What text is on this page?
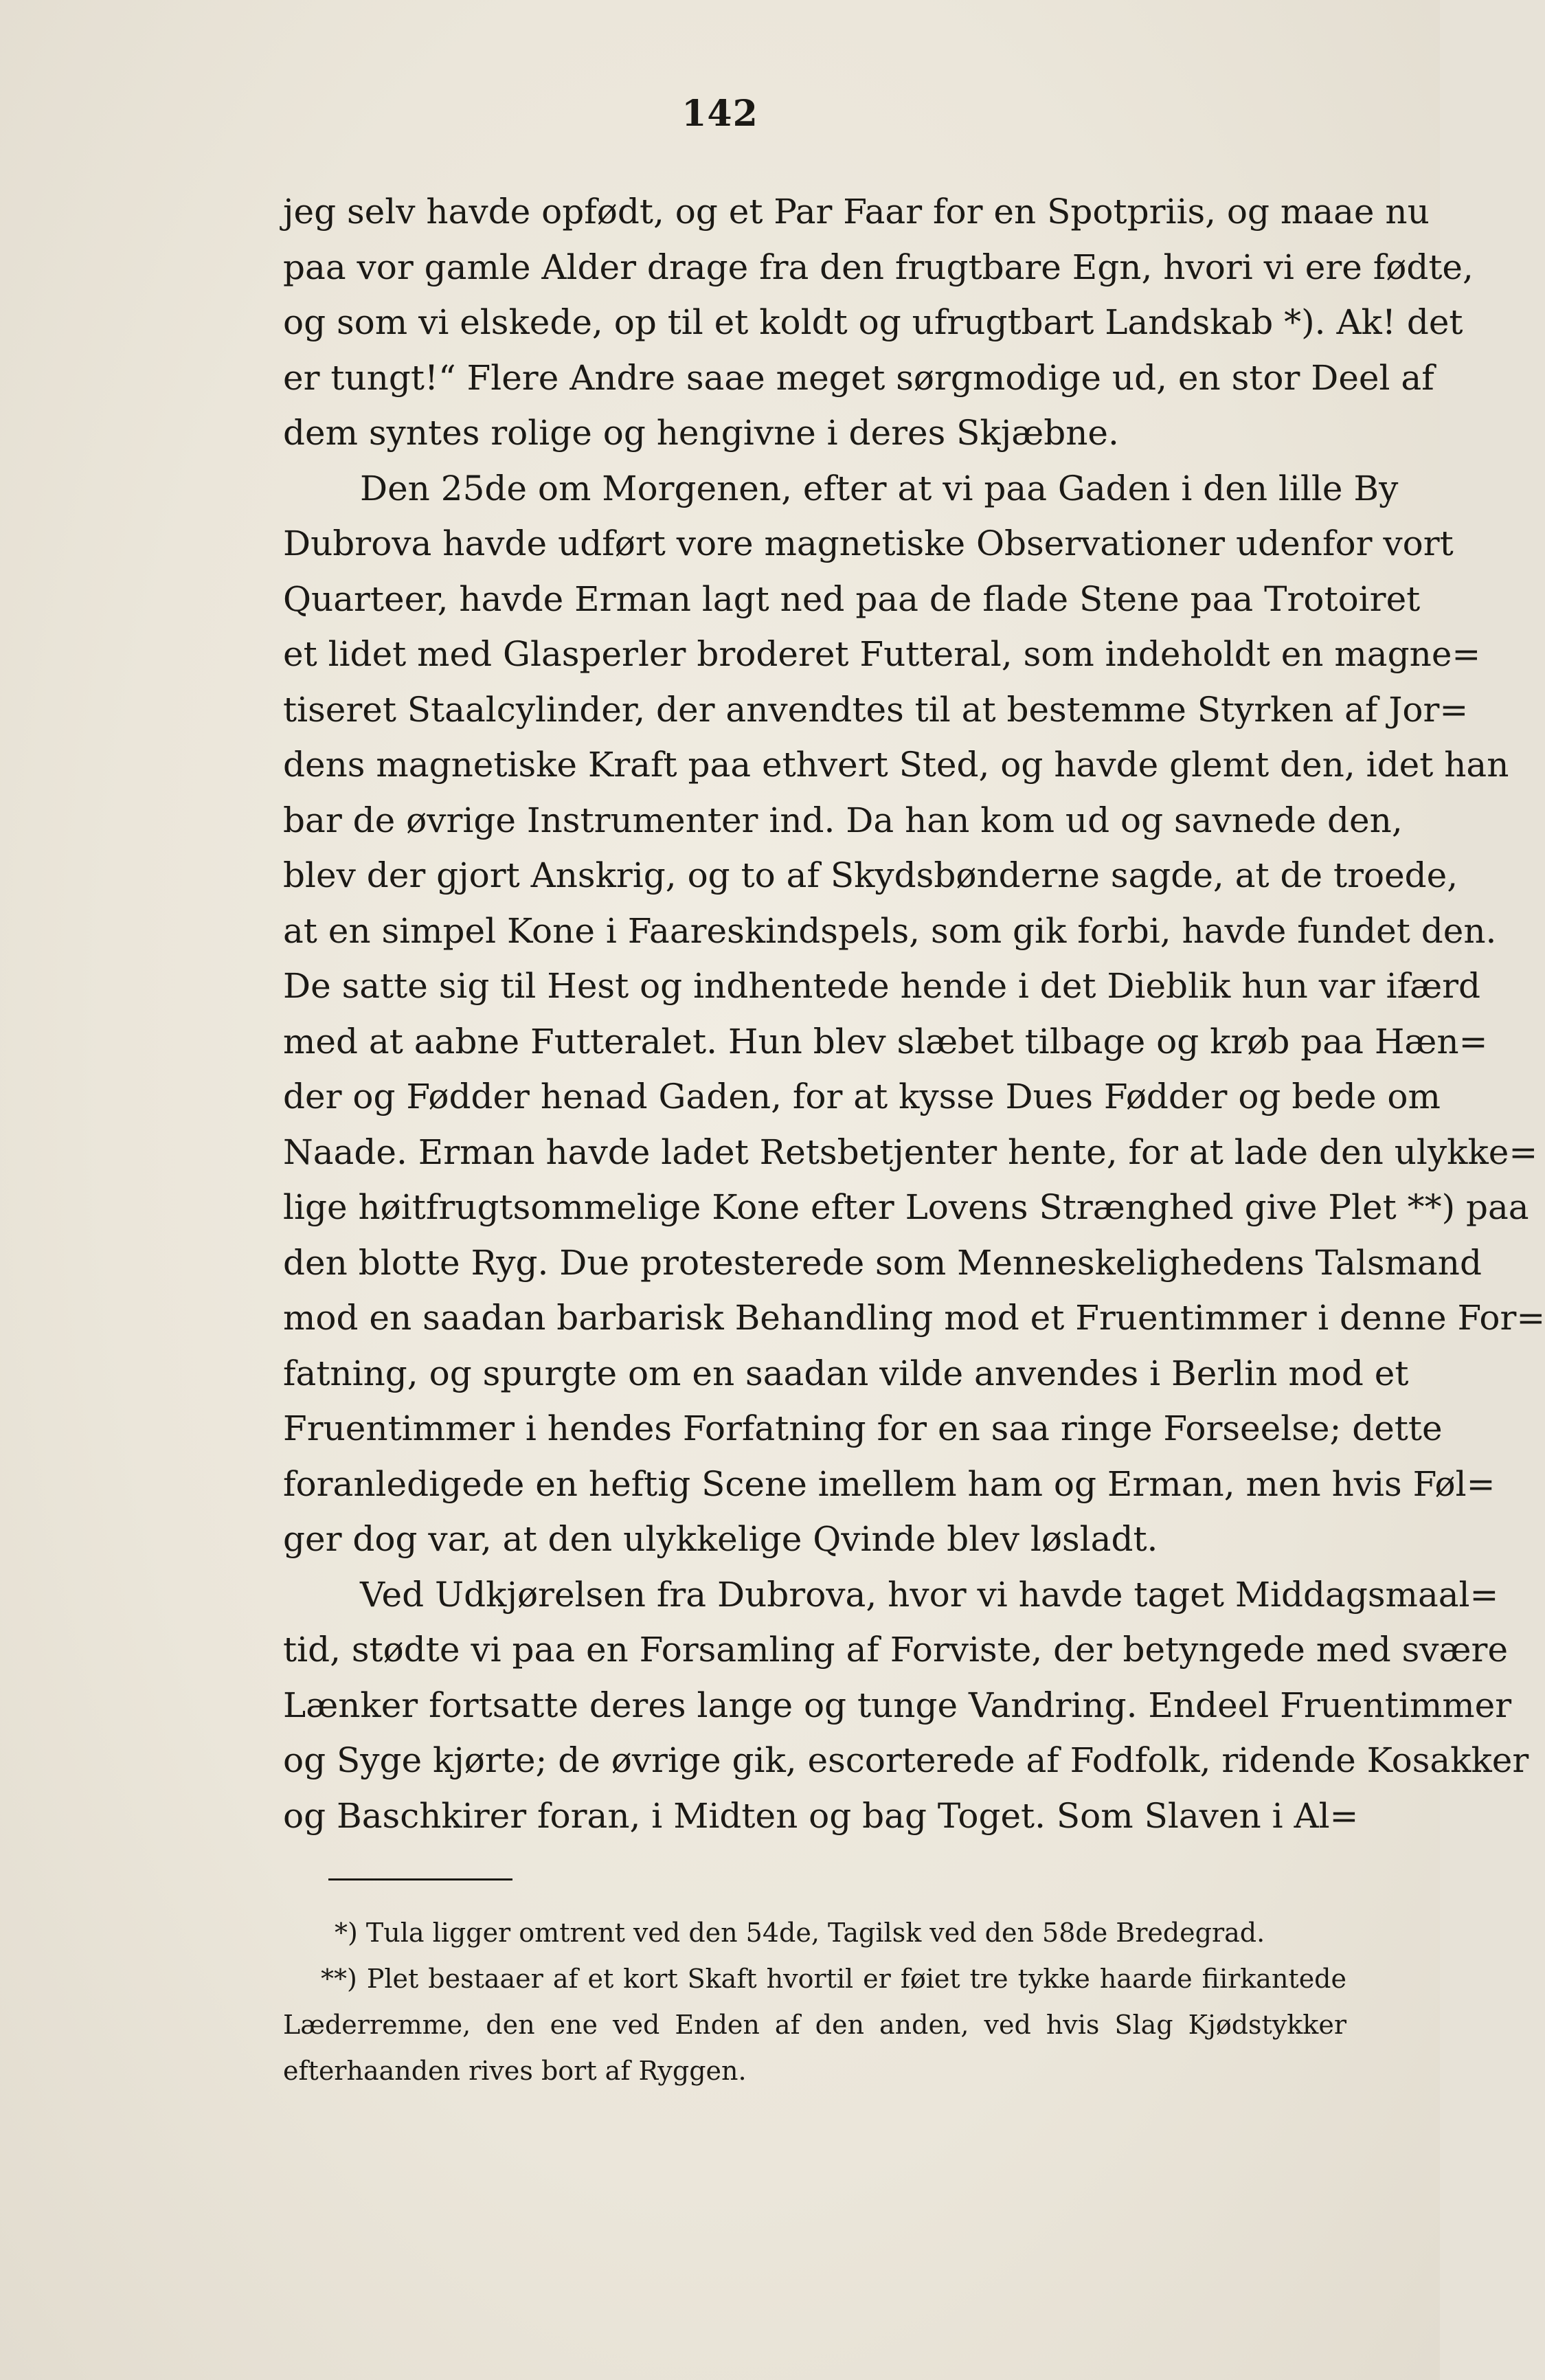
142
jeg selv havde opfødt, og et Par Faar for en Spotpriis, og maae nu
paa vor gamle Alder drage fra den frugtbare Egn, hvori vi ere fødte,
og som vi elskede, op til et koldt og ufrugtbart Landskab *). Ak! det
er tungt!“ Flere Andre saae meget sørgmodige ud, en stor Deel af
dem syntes rolige og hengivne i deres Skjæbne.
Den 25de om Morgenen, efter at vi paa Gaden i den lille By
Dubrova havde udført vore magnetiske Observationer udenfor vort
Quarteer, havde Erman lagt ned paa de flade Stene paa Trotoiret
et lidet med Glasperler broderet Futteral, som indeholdt en magne=
tiseret Staalcylinder, der anvendtes til at bestemme Styrken af Jor=
dens magnetiske Kraft paa ethvert Sted, og havde glemt den, idet han
bar de øvrige Instrumenter ind. Da han kom ud og savnede den,
blev der gjort Anskrig, og to af Skydsbønderne sagde, at de troede,
at en simpel Kone i Faareskindspels, som gik forbi, havde fundet den.
De satte sig til Hest og indhentede hende i det Dieblik hun var ifærd
med at aabne Futteralet. Hun blev slæbet tilbage og krøb paa Hæn=
der og Fødder henad Gaden, for at kysse Dues Fødder og bede om
Naade. Erman havde ladet Retsbetjenter hente, for at lade den ulykke=
lige høitfrugtsommelige Kone efter Lovens Strænghed give Plet **) paa
den blotte Ryg. Due protesterede som Menneskelighedens Talsmand
mod en saadan barbarisk Behandling mod et Fruentimmer i denne For=
fatning, og spurgte om en saadan vilde anvendes i Berlin mod et
Fruentimmer i hendes Forfatning for en saa ringe Forseelse; dette
foranledigede en heftig Scene imellem ham og Erman, men hvis Føl=
ger dog var, at den ulykkelige Qvinde blev løsladt.
Ved Udkjørelsen fra Dubrova, hvor vi havde taget Middagsmaal=
tid, stødte vi paa en Forsamling af Forviste, der betyngede med svære
Lænker fortsatte deres lange og tunge Vandring. Endeel Fruentimmer
og Syge kjørte; de øvrige gik, escorterede af Fodfolk, ridende Kosakker
og Baschkirer foran, i Midten og bag Toget. Som Slaven i Al=
*) Tula ligger omtrent ved den 54de, Tagilsk ved den 58de Bredegrad.
**) Plet bestaaer af et kort Skaft hvortil er føiet tre tykke haarde fiirkantede
Læderremme, den ene ved Enden af den anden, ved hvis Slag Kjødstykker
efterhaanden rives bort af Ryggen.
